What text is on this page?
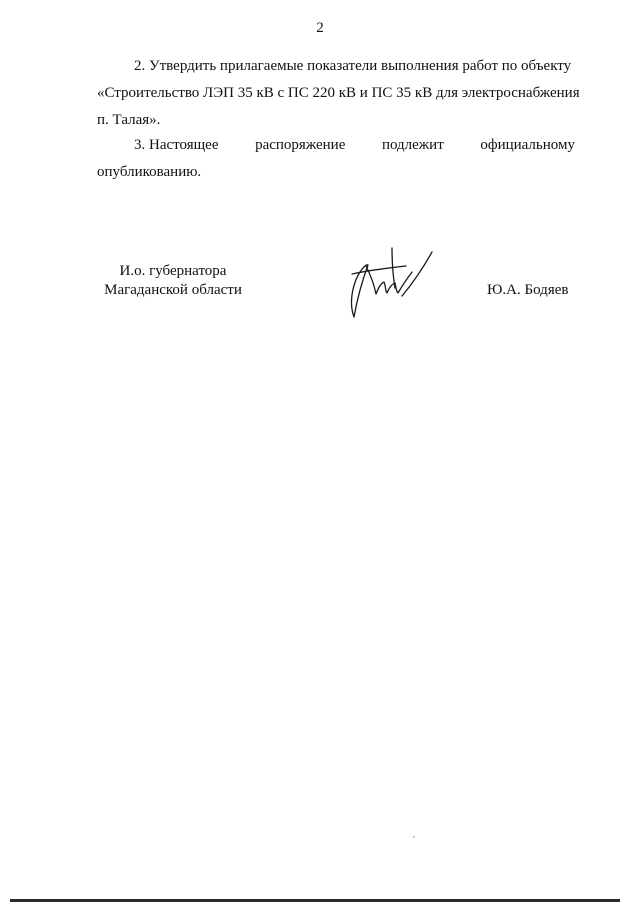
2
2. Утвердить прилагаемые показатели выполнения работ по объекту
«Строительство ЛЭП 35 кВ с ПС 220 кВ и ПС 35 кВ для электроснабжения
п. Талая».
3. Настоящее распоряжение подлежит официальному
опубликованию.
И.о. губернатора
Магаданской области	Ю.А. Бодяев
